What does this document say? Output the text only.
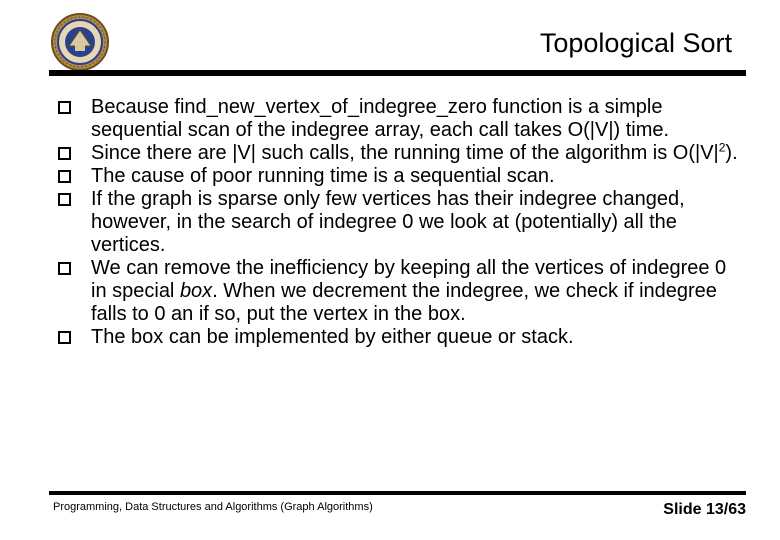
Topological Sort
Because find_new_vertex_of_indegree_zero function is a simple sequential scan of the indegree array, each call takes O(|V|) time.
Since there are |V| such calls, the running time of the algorithm is $O(|V|^2)$.
The cause of poor running time is a sequential scan.
If the graph is sparse only few vertices has their indegree changed, however, in the search of indegree 0 we look at (potentially) all the vertices.
We can remove the inefficiency by keeping all the vertices of indegree 0 in special box. When we decrement the indegree, we check if indegree falls to 0 an if so, put the vertex in the box.
The box can be implemented by either queue or stack.
Programming, Data Structures and Algorithms (Graph Algorithms)	Slide 13/63
